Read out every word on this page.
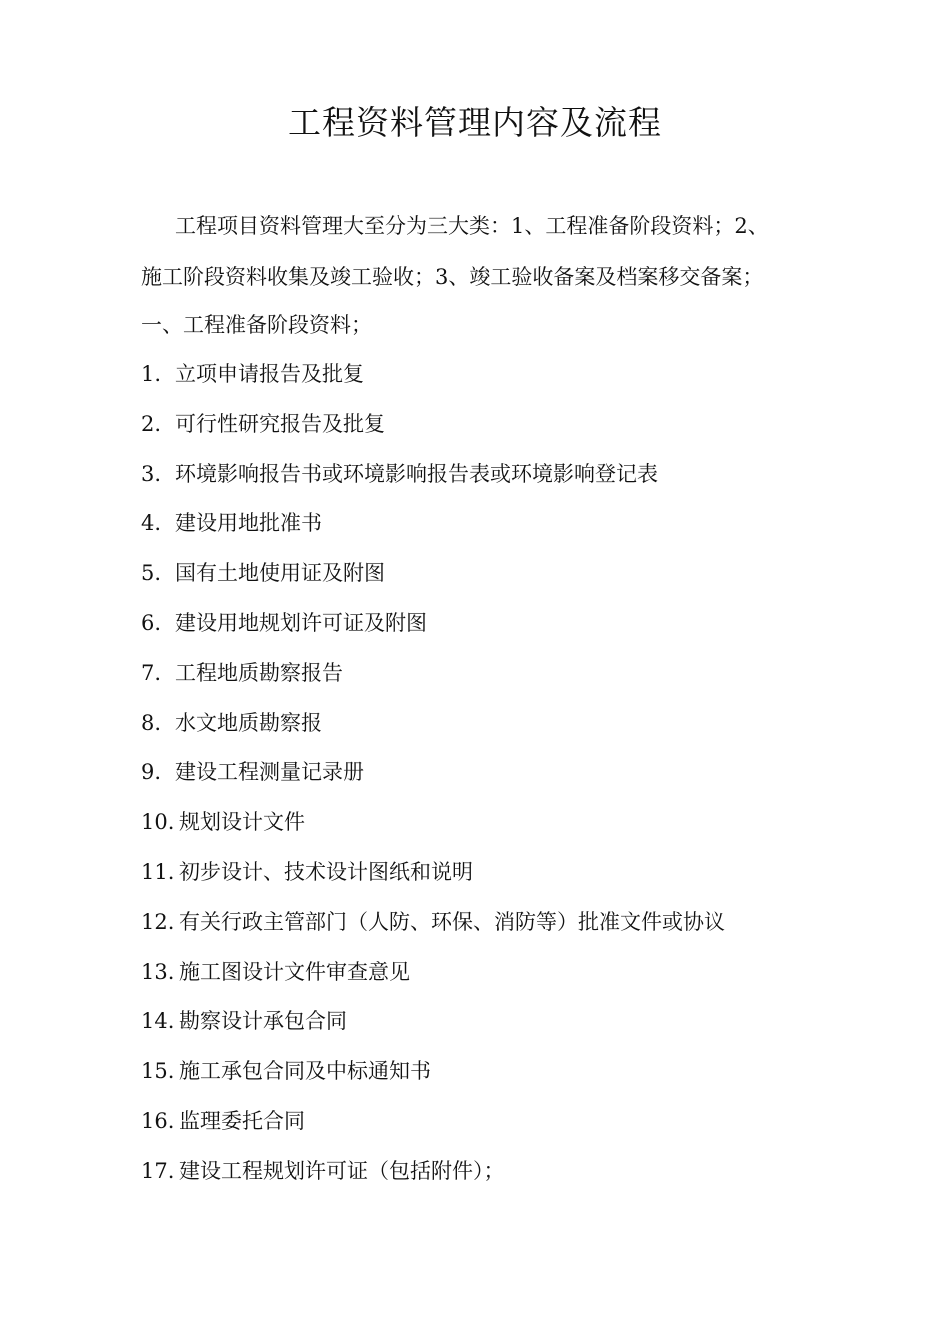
工程资料管理内容及流程
工程项目资料管理大至分为三大类：1、工程准备阶段资料；2、
施工阶段资料收集及竣工验收；3、竣工验收备案及档案移交备案；
一、工程准备阶段资料；
1. 立项申请报告及批复
2. 可行性研究报告及批复
3. 环境影响报告书或环境影响报告表或环境影响登记表
4. 建设用地批准书
5. 国有土地使用证及附图
6. 建设用地规划许可证及附图
7. 工程地质勘察报告
8. 水文地质勘察报
9. 建设工程测量记录册
10. 规划设计文件
11. 初步设计、技术设计图纸和说明
12. 有关行政主管部门（人防、环保、消防等）批准文件或协议
13. 施工图设计文件审查意见
14. 勘察设计承包合同
15. 施工承包合同及中标通知书
16. 监理委托合同
17. 建设工程规划许可证（包括附件）；
